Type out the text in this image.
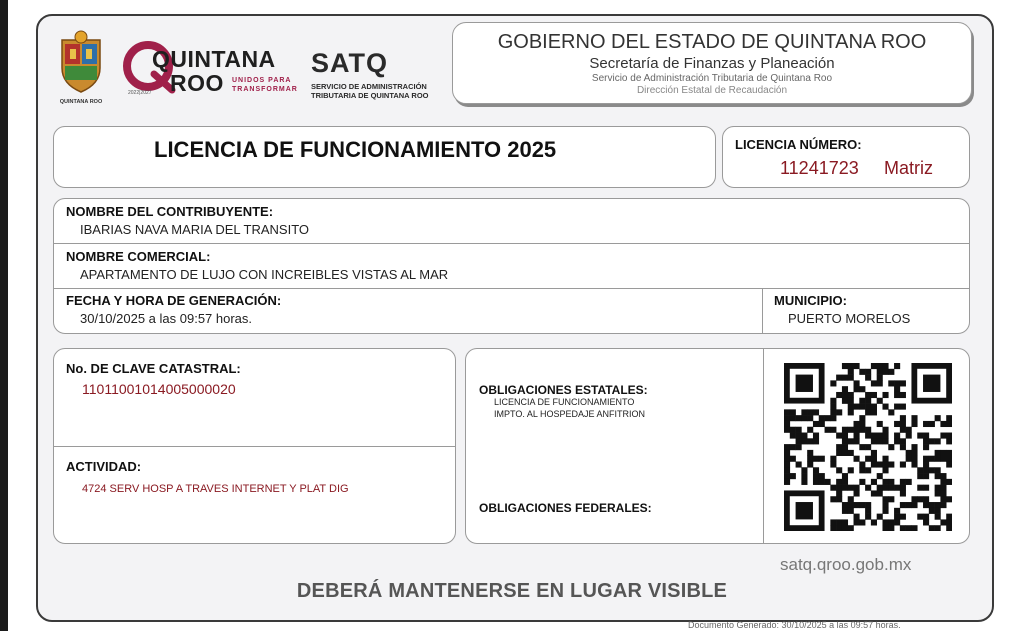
QUINTANA ROO
QUINTANA
ROO UNIDOS PARA
TRANSFORMAR
2022|2027
SATQ
SERVICIO DE ADMINISTRACIÓN
TRIBUTARIA DE QUINTANA ROO
GOBIERNO DEL ESTADO DE QUINTANA ROO
Secretaría de Finanzas y Planeación
Servicio de Administración Tributaria de Quintana Roo
Dirección Estatal de Recaudación
LICENCIA DE FUNCIONAMIENTO 2025	LICENCIA NÚMERO:
11241723 Matriz
NOMBRE DEL CONTRIBUYENTE:
IBARIAS NAVA MARIA DEL TRANSITO
NOMBRE COMERCIAL:
APARTAMENTO DE LUJO CON INCREIBLES VISTAS AL MAR
FECHA Y HORA DE GENERACIÓN:
30/10/2025 a las 09:57 horas.
MUNICIPIO:
PUERTO MORELOS
No. DE CLAVE CATASTRAL:
11011001014005000020
ACTIVIDAD:
4724 SERV HOSP A TRAVES INTERNET Y PLAT DIG
OBLIGACIONES ESTATALES:
LICENCIA DE FUNCIONAMIENTO
IMPTO. AL HOSPEDAJE ANFITRION
OBLIGACIONES FEDERALES:
satq.qroo.gob.mx
DEBERÁ MANTENERSE EN LUGAR VISIBLE
Documento Generado: 30/10/2025 a las 09:57 horas.
